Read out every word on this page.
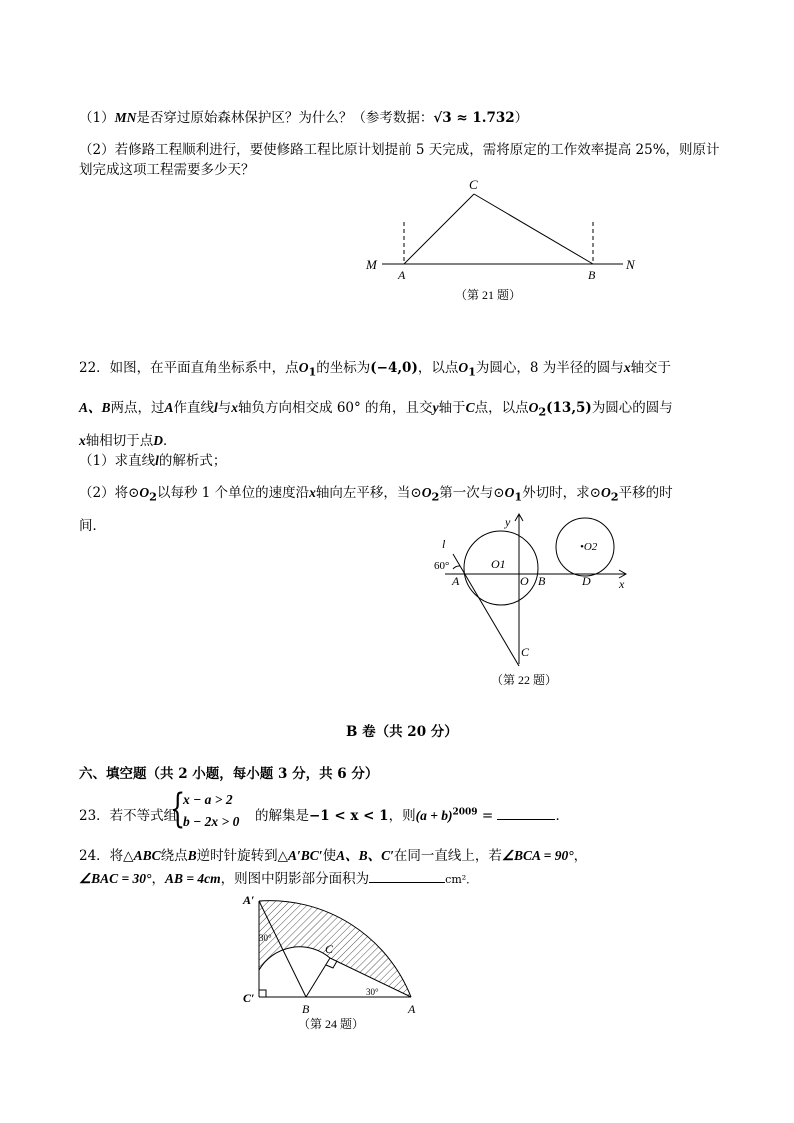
（1）MN是否穿过原始森林保护区？为什么？（参考数据：√3 ≈ 1.732）
（2）若修路工程顺利进行，要使修路工程比原计划提前 5 天完成，需将原定的工作效率提高 25%，则原计
划完成这项工程需要多少天？
C
M
A	B
N
（第 21 题）
22．如图，在平面直角坐标系中，点$O_1$的坐标为(−4,0)，以点$O_1$为圆心，8 为半径的圆与x轴交于
A、B两点，过A作直线l与x轴负方向相交成 60° 的角，且交y轴于C点，以点$O_2(13,5)$为圆心的圆与
x轴相切于点D．
（1）求直线l的解析式；
（2）将$⊙O_2$以每秒 1 个单位的速度沿x轴向左平移，当$⊙O_2$第一次与$⊙O_1$外切时，求$⊙O_2$平移的时
间．
l
y
60°	O1
•O2
A	O B	D x
C
（第 22 题）
B 卷（共 20 分）
六、填空题（共 2 小题，每小题 3 分，共 6 分）
23．若不等式组
{
x − a > 2
b − 2x > 0 的解集是−1 < x < 1，则$(a + b)^{2009}$ =	．
24．将△ABC绕点B逆时针旋转到△A′BC′使A、B、C′在同一直线上，若∠BCA = 90°，
∠BAC = 30°，AB = 4cm，则图中阴影部分面积为	cm²．
A′
30°
C
C′
B	A
30°
（第 24 题）
